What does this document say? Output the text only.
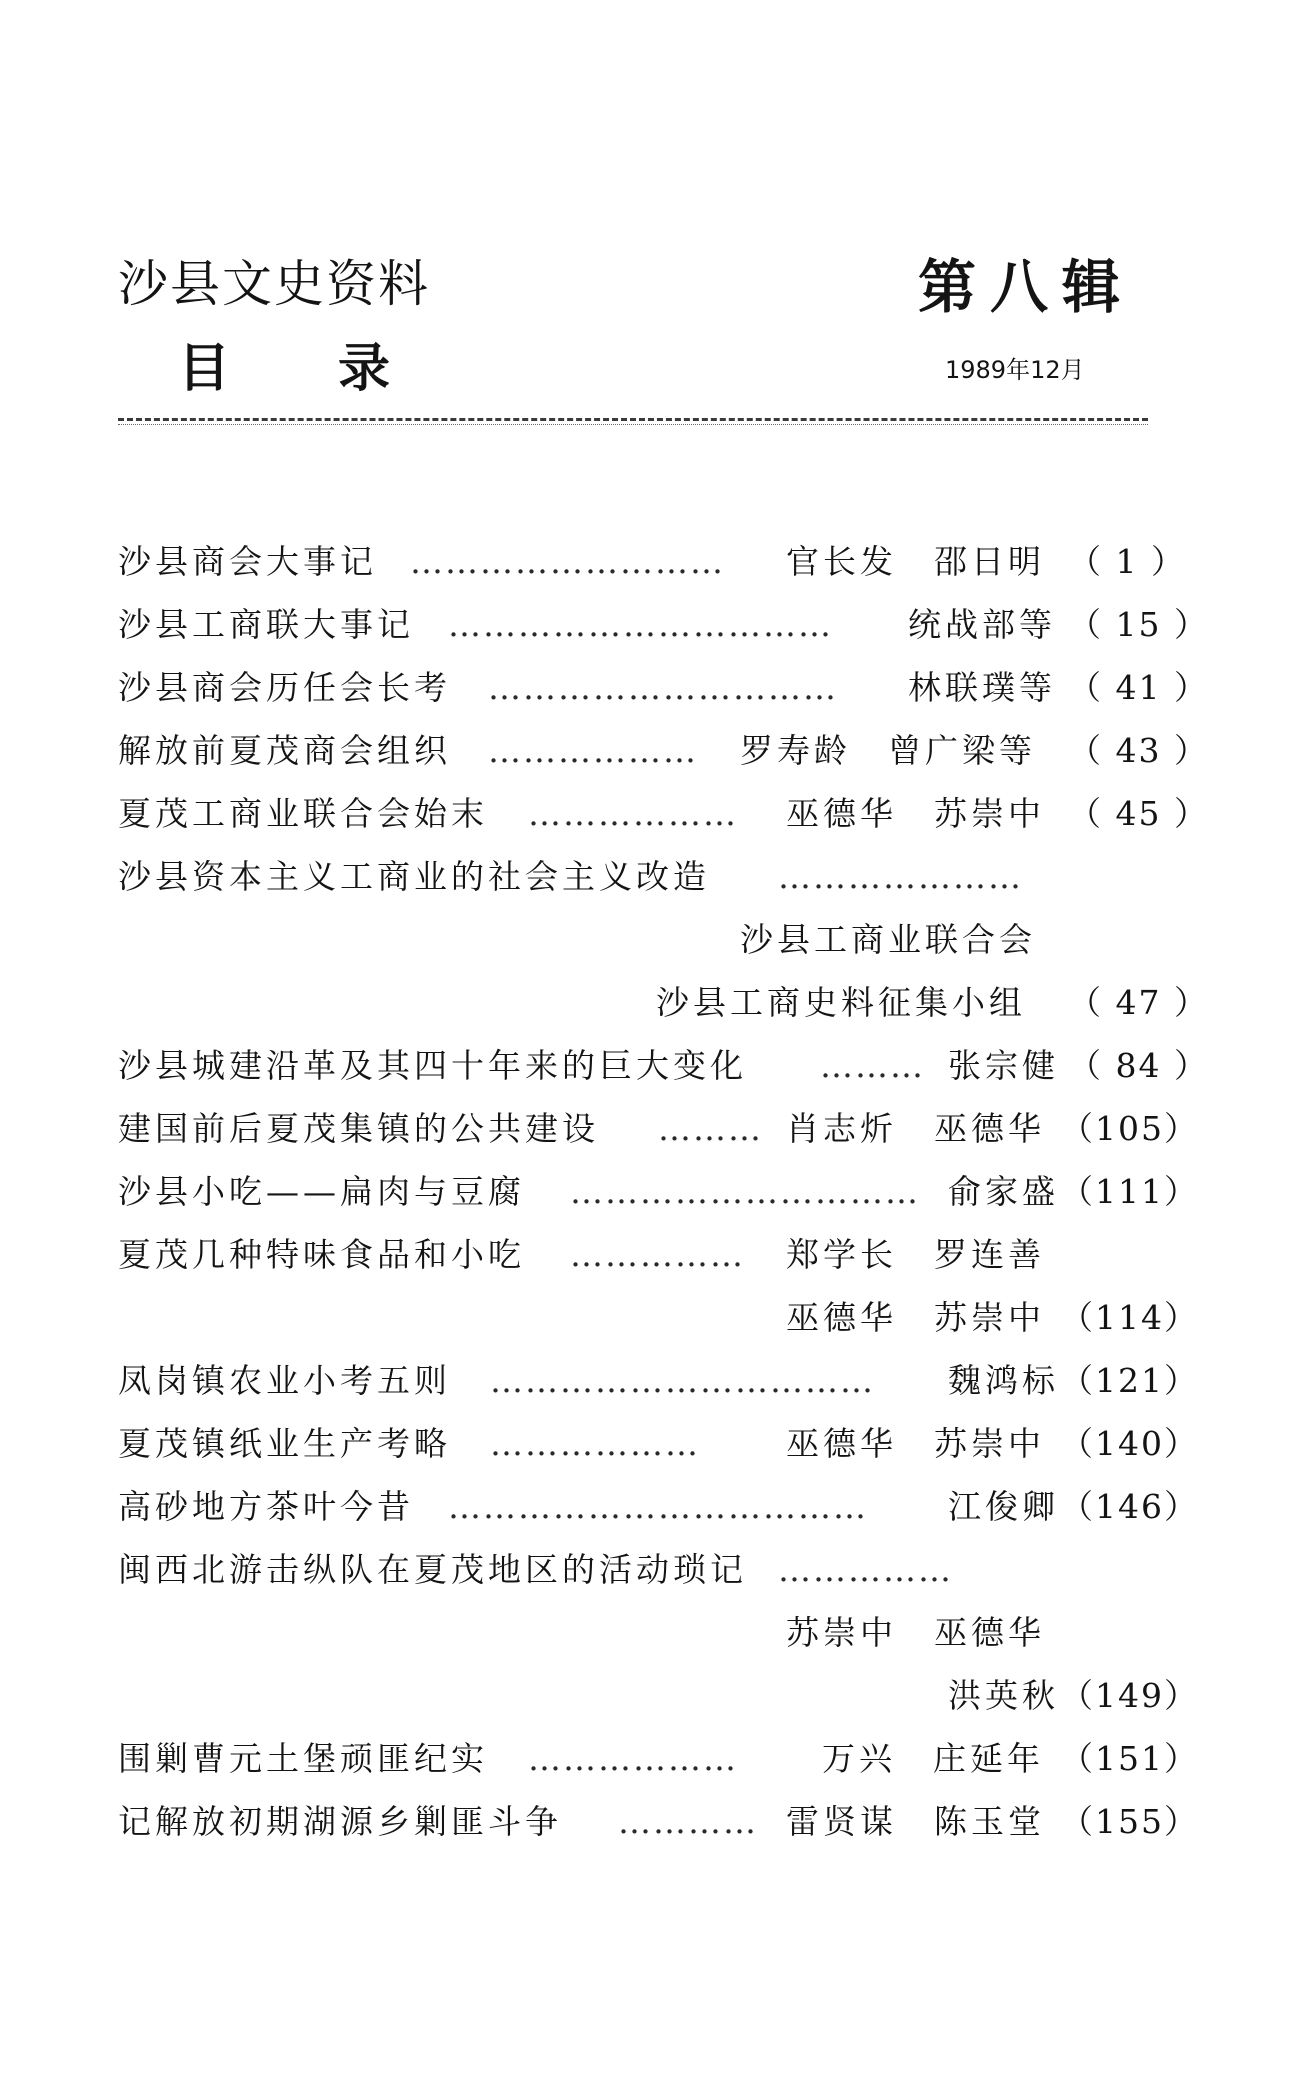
沙县文史资料	第八辑
目录	1989年12月
沙县商会大事记 ……………………… 官长发　邵日明 （ 1 ）
沙县工商联大事记 …………………………… 统战部等 （ 15 ）
沙县商会历任会长考 ………………………… 林联璞等 （ 41 ）
解放前夏茂商会组织 ……………… 罗寿龄　曾广梁等 （ 43 ）
夏茂工商业联合会始末 ……………… 巫德华　苏崇中 （ 45 ）
沙县资本主义工商业的社会主义改造 …………………
沙县工商业联合会
沙县工商史料征集小组 （ 47 ）
沙县城建沿革及其四十年来的巨大变化 ……… 张宗健 （ 84 ）
建国前后夏茂集镇的公共建设 ……… 肖志炘　巫德华 （105）
沙县小吃——扁肉与豆腐 ………………………… 俞家盛 （111）
夏茂几种特味食品和小吃 …………… 郑学长　罗连善
巫德华　苏崇中 （114）
凤岗镇农业小考五则 …………………………… 魏鸿标 （121）
夏茂镇纸业生产考略 ………………	巫德华　苏崇中 （140）
高砂地方茶叶今昔 ……………………………… 江俊卿 （146）
闽西北游击纵队在夏茂地区的活动琐记 ……………
苏崇中　巫德华
洪英秋 （149）
围剿曹元土堡顽匪纪实 ………………	万兴　庄延年 （151）
记解放初期湖源乡剿匪斗争 ………… 雷贤谋　陈玉堂 （155）
